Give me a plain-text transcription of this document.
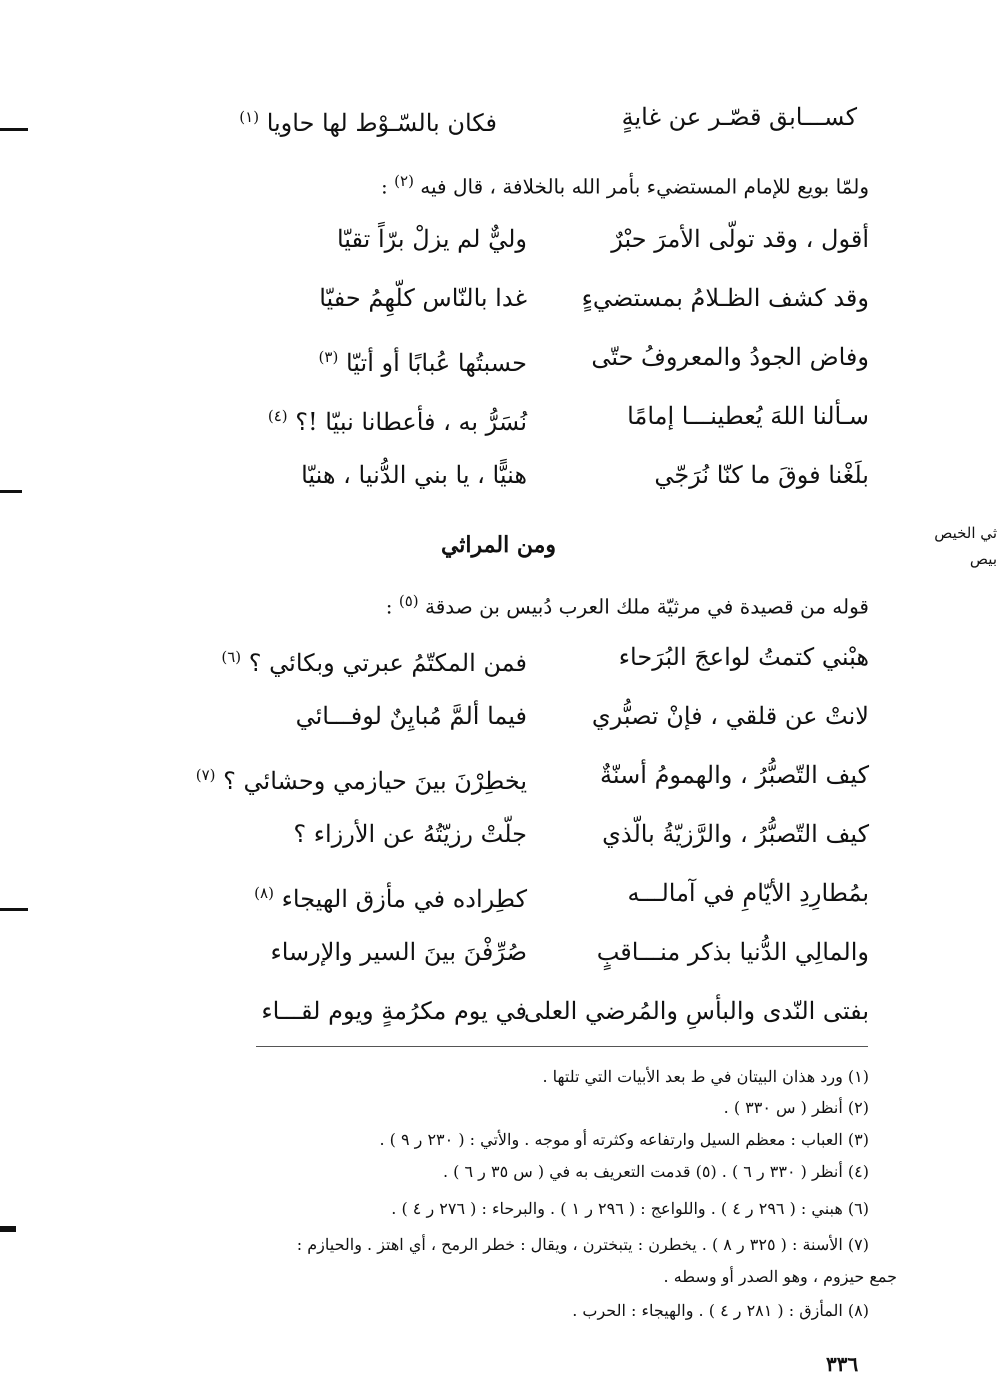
ثي الخيص
بيص
كســـابق قصّـر عن غايةٍ
فكان بالسّـوْط لها حاويا $^{(١)}$
ولمّا بويع للإمام المستضيء بأمر الله بالخلافة ، قال فيه $^{(٢)}$ :
أقول ، وقد تولّى الأمرَ حبْرٌ
وليٌّ لم يزلْ برّاً تقيّا
وقد كشف الظـلامُ بمستضيءٍ
غدا بالنّاس كلّهِمُ حفيّا
وفاض الجودُ والمعروفُ حتّى
حسبتُها عُبابًا أو أتيّا $^{(٣)}$
سـألنا اللهَ يُعطينـــا إمامًا
نُسَرُّ به ، فأعطانا نبيّا !؟ $^{(٤)}$
بلَغْنا فوقَ ما كنّا نُرَجّي
هنيًّا ، يا بني الدُّنيا ، هنيّا
ومن المراثي
قوله من قصيدة في مرثيّة ملك العرب دُبيس بن صدقة $^{(٥)}$ :
هبْني كتمتُ لواعجَ البُرَحاء
فمن المكتّمُ عبرتي وبكائي ؟ $^{(٦)}$
لانتْ عن قلقي ، فإنْ تصبُّري
فيما ألمَّ مُبايِنٌ لوفـــائي
كيف التّصبُّرُ ، والهمومُ أسنّةٌ
يخطِرْنَ بينَ حيازمي وحشائي ؟ $^{(٧)}$
كيف التّصبُّرُ ، والرَّزيّةُ بالّذي
جلّتْ رزيّتُهُ عن الأرزاء ؟
بمُطارِدِ الأيّامِ في آمالـــه
كطِراده في مأزق الهيجاء $^{(٨)}$
والمالِي الدُّنيا بذكر منـــاقبٍ
صُرِّفْنَ بينَ السير والإرساء
بفتى النّدى والبأسِ والمُرضي العلى
في يوم مكرُمةٍ ويوم لقـــاء
(١) ورد هذان البيتان في ط بعد الأبيات التي تلتها .
(٢) أنظر ( س ٣٣٠ ) .
(٣) العباب : معظم السيل وارتفاعه وكثرته أو موجه . والأتي : ( ٢٣٠ ر ٩ ) .
(٤) أنظر ( ٣٣٠ ر ٦ ) . (٥) قدمت التعريف به في ( س ٣٥ ر ٦ ) .
(٦) هبني : ( ٢٩٦ ر ٤ ) . واللواعج : ( ٢٩٦ ر ١ ) . والبرحاء : ( ٢٧٦ ر ٤ ) .
(٧) الأسنة : ( ٣٢٥ ر ٨ ) . يخطرن : يتبخترن ، ويقال : خطر الرمح ، أي اهتز . والحيازم :
جمع حيزوم ، وهو الصدر أو وسطه .
(٨) المأزق : ( ٢٨١ ر ٤ ) . والهيجاء : الحرب .
٣٣٦
